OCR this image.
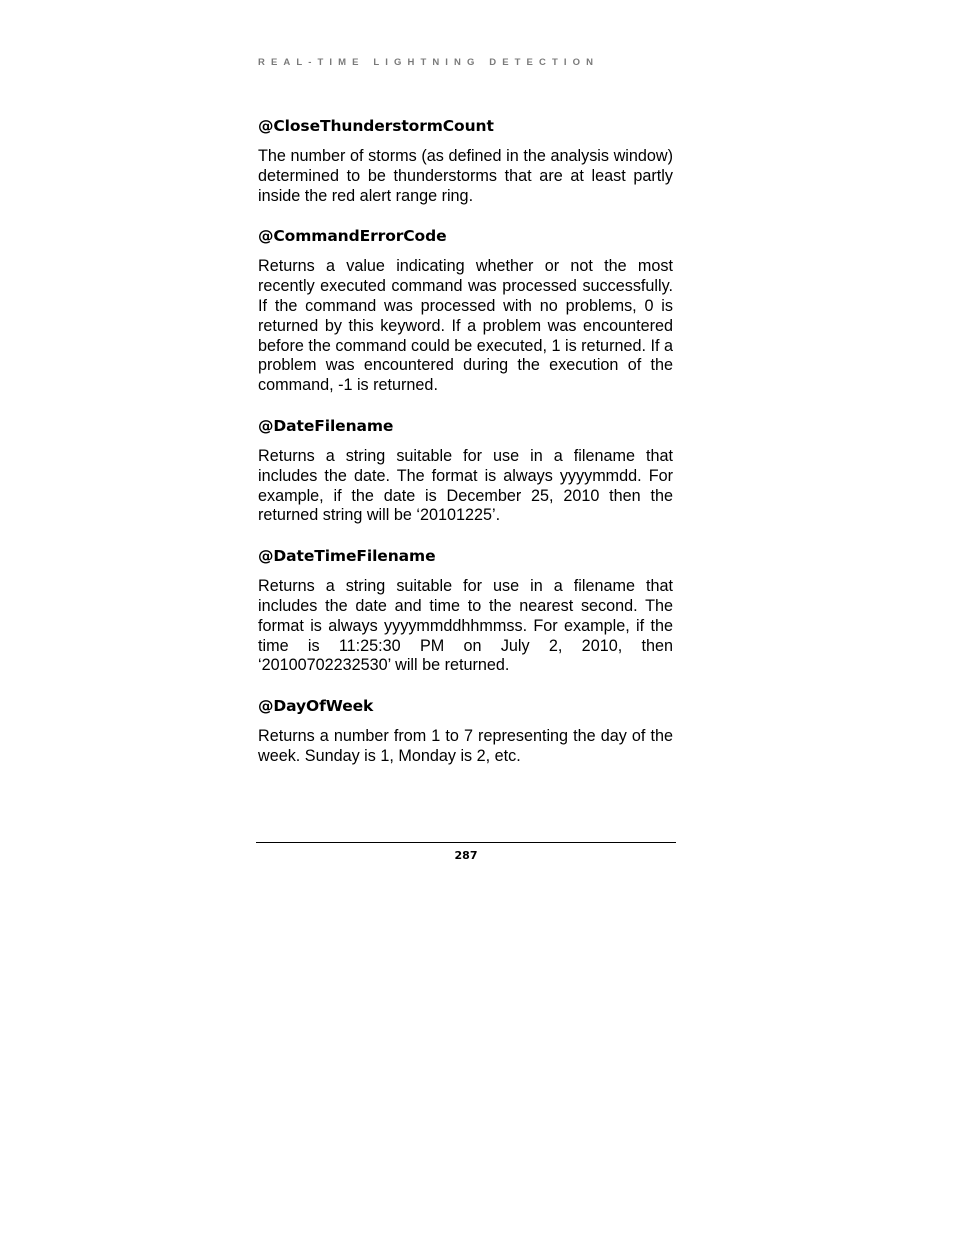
REAL-TIME LIGHTNING DETECTION
@CloseThunderstormCount

The number of storms (as defined in the analysis window) determined to be thunderstorms that are at least partly inside the red alert range ring.

@CommandErrorCode

Returns a value indicating whether or not the most recently executed command was processed successfully. If the command was processed with no problems, 0 is returned by this keyword. If a problem was encountered before the command could be executed, 1 is returned. If a problem was encountered during the execution of the command, -1 is returned.

@DateFilename

Returns a string suitable for use in a filename that includes the date. The format is always yyyymmdd. For example, if the date is December 25, 2010 then the returned string will be ‘20101225’.

@DateTimeFilename

Returns a string suitable for use in a filename that includes the date and time to the nearest second. The format is always yyyymmddhhmmss. For example, if the time is 11:25:30 PM on July 2, 2010, then ‘20100702232530’ will be returned.

@DayOfWeek

Returns a number from 1 to 7 representing the day of the week. Sunday is 1, Monday is 2, etc.

287
